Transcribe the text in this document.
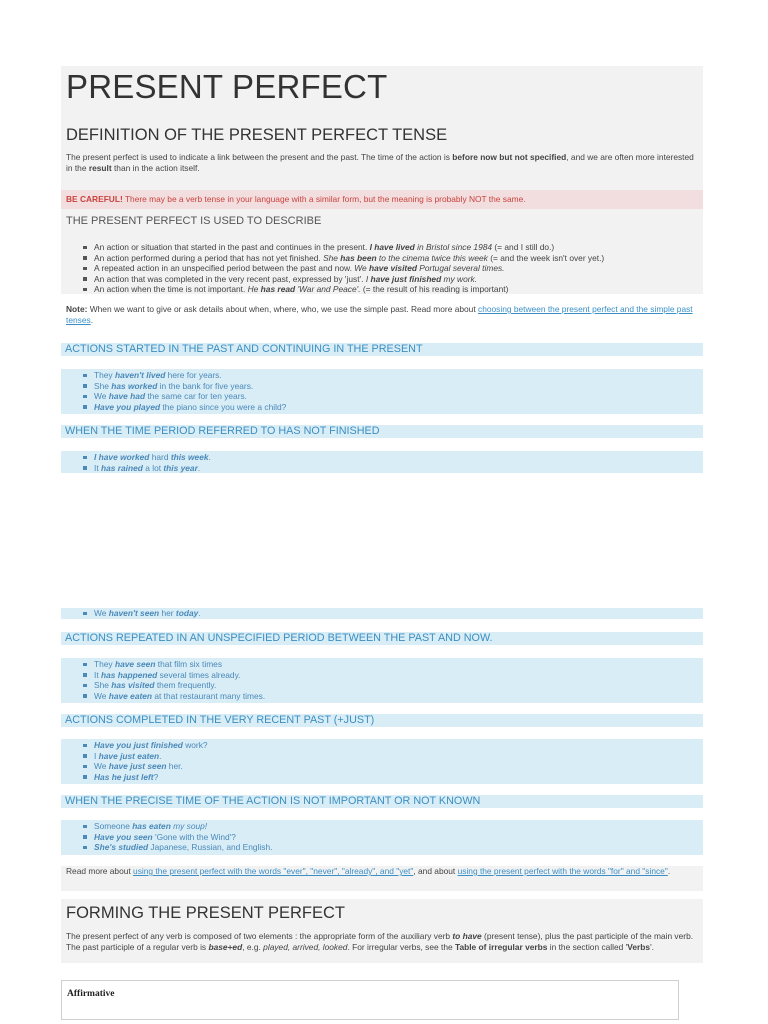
PRESENT PERFECT
DEFINITION OF THE PRESENT PERFECT TENSE
The present perfect is used to indicate a link between the present and the past. The time of the action is before now but not specified, and we are often more interested in the result than in the action itself.
BE CAREFUL! There may be a verb tense in your language with a similar form, but the meaning is probably NOT the same.
THE PRESENT PERFECT IS USED TO DESCRIBE
An action or situation that started in the past and continues in the present. I have lived in Bristol since 1984 (= and I still do.)
An action performed during a period that has not yet finished. She has been to the cinema twice this week (= and the week isn't over yet.)
A repeated action in an unspecified period between the past and now. We have visited Portugal several times.
An action that was completed in the very recent past, expressed by 'just'. I have just finished my work.
An action when the time is not important. He has read 'War and Peace'. (= the result of his reading is important)
Note: When we want to give or ask details about when, where, who, we use the simple past. Read more about choosing between the present perfect and the simple past tenses.
ACTIONS STARTED IN THE PAST AND CONTINUING IN THE PRESENT
They haven't lived here for years.
She has worked in the bank for five years.
We have had the same car for ten years.
Have you played the piano since you were a child?
WHEN THE TIME PERIOD REFERRED TO HAS NOT FINISHED
I have worked hard this week.
It has rained a lot this year.
We haven't seen her today.
ACTIONS REPEATED IN AN UNSPECIFIED PERIOD BETWEEN THE PAST AND NOW.
They have seen that film six times
It has happened several times already.
She has visited them frequently.
We have eaten at that restaurant many times.
ACTIONS COMPLETED IN THE VERY RECENT PAST (+JUST)
Have you just finished work?
I have just eaten.
We have just seen her.
Has he just left?
WHEN THE PRECISE TIME OF THE ACTION IS NOT IMPORTANT OR NOT KNOWN
Someone has eaten my soup!
Have you seen 'Gone with the Wind'?
She's studied Japanese, Russian, and English.
Read more about using the present perfect with the words "ever", "never", "already", and "yet", and about using the present perfect with the words "for" and "since".
FORMING THE PRESENT PERFECT
The present perfect of any verb is composed of two elements : the appropriate form of the auxiliary verb to have (present tense), plus the past participle of the main verb. The past participle of a regular verb is base+ed, e.g. played, arrived, looked. For irregular verbs, see the Table of irregular verbs in the section called 'Verbs'.
Affirmative
